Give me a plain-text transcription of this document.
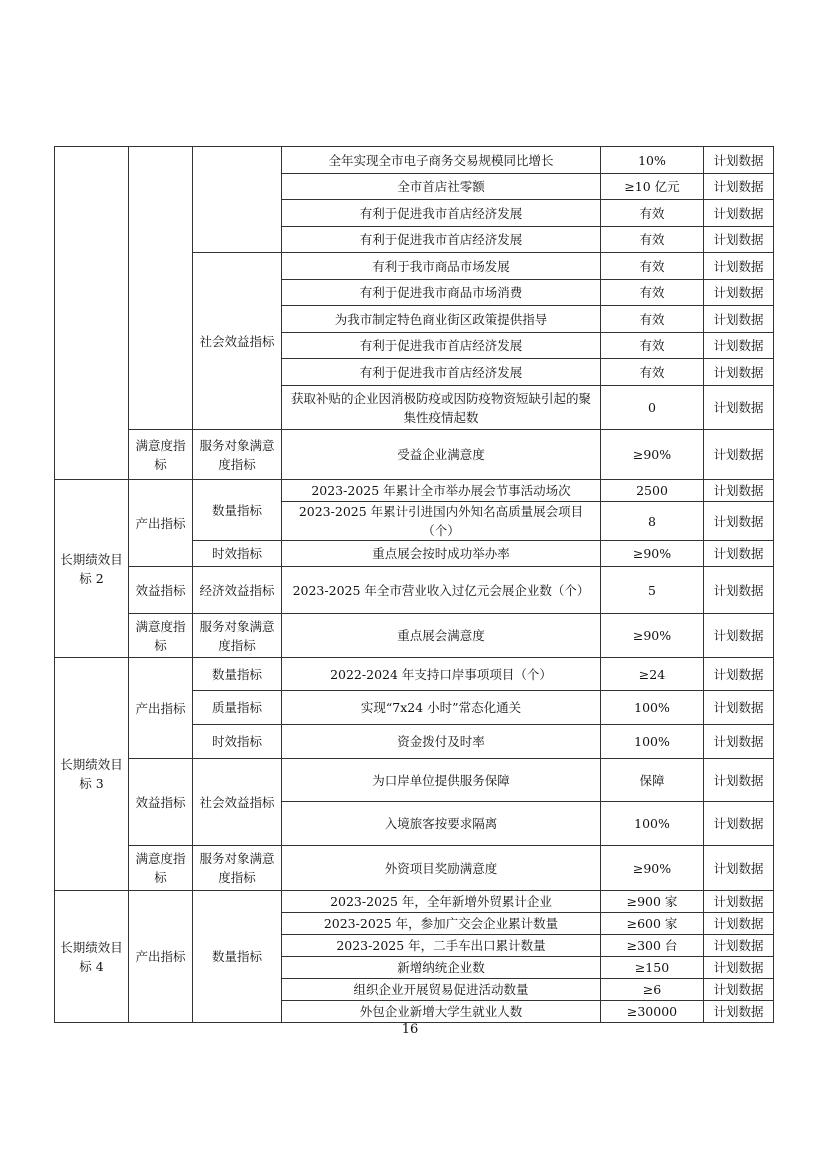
			全年实现全市电子商务交易规模同比增长	10%	计划数据
			全市首店社零额	≥10 亿元	计划数据
			有利于促进我市首店经济发展	有效	计划数据
			有利于促进我市首店经济发展	有效	计划数据
		社会效益指标	有利于我市商品市场发展	有效	计划数据
			有利于促进我市商品市场消费	有效	计划数据
			为我市制定特色商业街区政策提供指导	有效	计划数据
			有利于促进我市首店经济发展	有效	计划数据
			有利于促进我市首店经济发展	有效	计划数据
			获取补贴的企业因消极防疫或因防疫物资短缺引起的聚集性疫情起数	0	计划数据
	满意度指标	服务对象满意度指标	受益企业满意度	≥90%	计划数据
长期绩效目标 2	产出指标	数量指标	2023-2025 年累计全市举办展会节事活动场次	2500	计划数据
			2023-2025 年累计引进国内外知名高质量展会项目（个）	8	计划数据
		时效指标	重点展会按时成功举办率	≥90%	计划数据
	效益指标	经济效益指标	2023-2025 年全市营业收入过亿元会展企业数（个）	5	计划数据
	满意度指标	服务对象满意度指标	重点展会满意度	≥90%	计划数据
长期绩效目标 3	产出指标	数量指标	2022-2024 年支持口岸事项项目（个）	≥24	计划数据
		质量指标	实现“7x24 小时”常态化通关	100%	计划数据
		时效指标	资金拨付及时率	100%	计划数据
	效益指标	社会效益指标	为口岸单位提供服务保障	保障	计划数据
			入境旅客按要求隔离	100%	计划数据
	满意度指标	服务对象满意度指标	外资项目奖励满意度	≥90%	计划数据
长期绩效目标 4	产出指标	数量指标	2023-2025 年，全年新增外贸累计企业	≥900 家	计划数据
			2023-2025 年，参加广交会企业累计数量	≥600 家	计划数据
			2023-2025 年，二手车出口累计数量	≥300 台	计划数据
			新增纳统企业数	≥150	计划数据
			组织企业开展贸易促进活动数量	≥6	计划数据
			外包企业新增大学生就业人数	≥30000	计划数据
16
